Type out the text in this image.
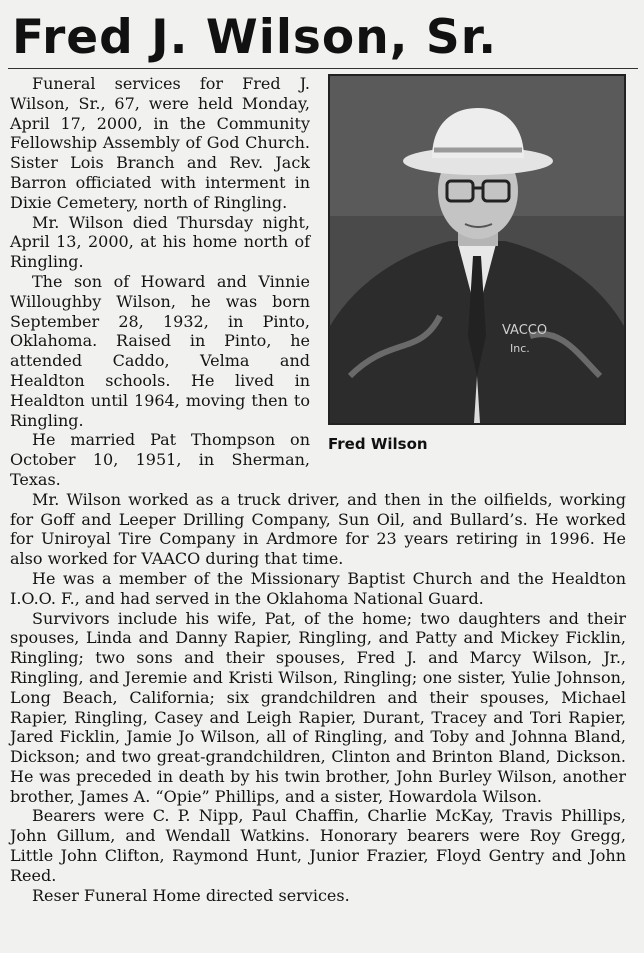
Fred J. Wilson, Sr.
VACCO
Inc.
Fred Wilson

Funeral services for Fred J. Wilson, Sr., 67, were held Monday, April 17, 2000, in the Community Fellowship Assembly of God Church. Sister Lois Branch and Rev. Jack Barron officiated with interment in Dixie Cemetery, north of Ringling.

Mr. Wilson died Thursday night, April 13, 2000, at his home north of Ringling.

The son of Howard and Vinnie Willoughby Wilson, he was born September 28, 1932, in Pinto, Oklahoma. Raised in Pinto, he attended Caddo, Velma and Healdton schools. He lived in Healdton until 1964, moving then to Ringling.

He married Pat Thompson on October 10, 1951, in Sherman, Texas.

Mr. Wilson worked as a truck driver, and then in the oilfields, working for Goff and Leeper Drilling Company, Sun Oil, and Bullard’s. He worked for Uniroyal Tire Company in Ardmore for 23 years retiring in 1996. He also worked for VAACO during that time.

He was a member of the Missionary Baptist Church and the Healdton I.O.O. F., and had served in the Oklahoma National Guard.

Survivors include his wife, Pat, of the home; two daughters and their spouses, Linda and Danny Rapier, Ringling, and Patty and Mickey Ficklin, Ringling; two sons and their spouses, Fred J. and Marcy Wilson, Jr., Ringling, and Jeremie and Kristi Wilson, Ringling; one sister, Yulie Johnson, Long Beach, California; six grandchildren and their spouses, Michael Rapier, Ringling, Casey and Leigh Rapier, Durant, Tracey and Tori Rapier, Jared Ficklin, Jamie Jo Wilson, all of Ringling, and Toby and Johnna Bland, Dickson; and two great-grandchildren, Clinton and Brinton Bland, Dickson. He was preceded in death by his twin brother, John Burley Wilson, another brother, James A. “Opie” Phillips, and a sister, Howardola Wilson.

Bearers were C. P. Nipp, Paul Chaffin, Charlie McKay, Travis Phillips, John Gillum, and Wendall Watkins. Honorary bearers were Roy Gregg, Little John Clifton, Raymond Hunt, Junior Frazier, Floyd Gentry and John Reed.

Reser Funeral Home directed services.
